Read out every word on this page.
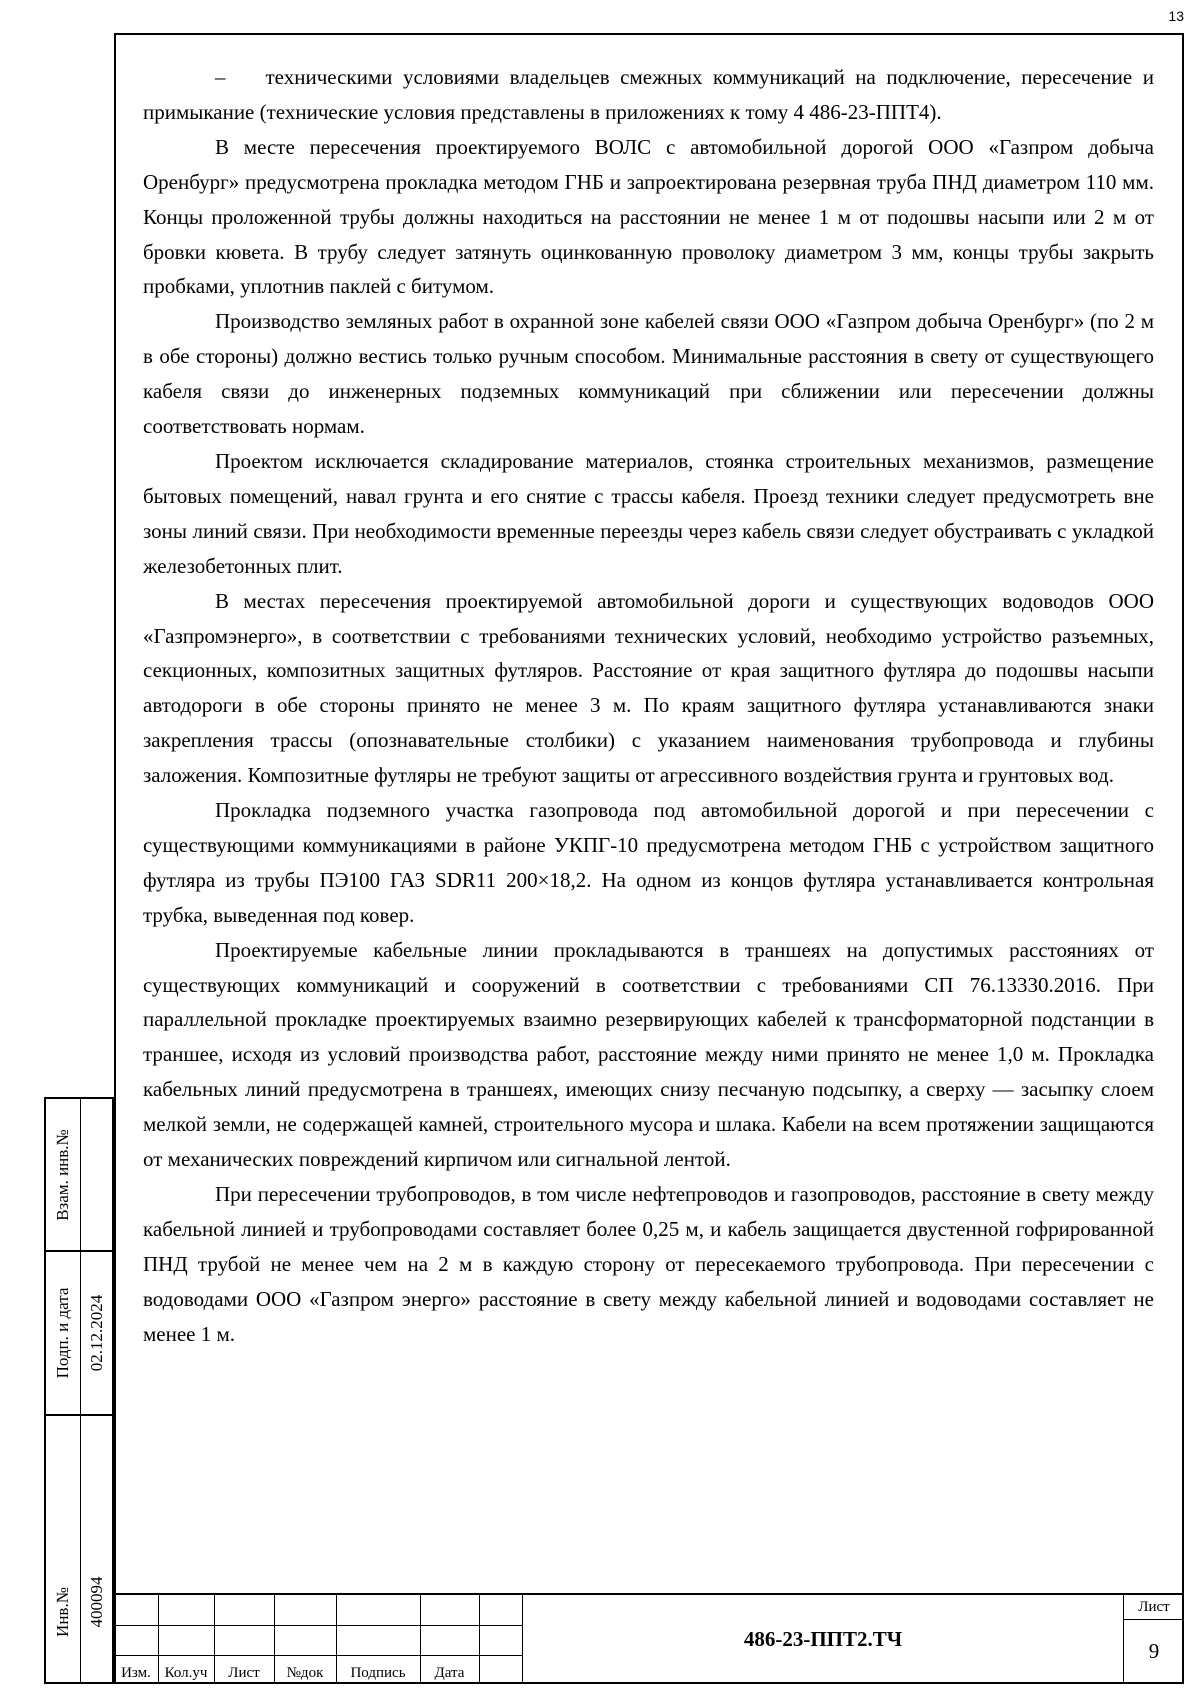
13

– техническими условиями владельцев смежных коммуникаций на подключение, пересечение и примыкание (технические условия представлены в приложениях к тому 4 486-23-ППТ4).

В месте пересечения проектируемого ВОЛС с автомобильной дорогой ООО «Газпром добыча Оренбург» предусмотрена прокладка методом ГНБ и запроектирована резервная труба ПНД диаметром 110 мм. Концы проложенной трубы должны находиться на расстоянии не менее 1 м от подошвы насыпи или 2 м от бровки кювета. В трубу следует затянуть оцинкованную проволоку диаметром 3 мм, концы трубы закрыть пробками, уплотнив паклей с битумом.

Производство земляных работ в охранной зоне кабелей связи ООО «Газпром добыча Оренбург» (по 2 м в обе стороны) должно вестись только ручным способом. Минимальные расстояния в свету от существующего кабеля связи до инженерных подземных коммуникаций при сближении или пересечении должны соответствовать нормам.

Проектом исключается складирование материалов, стоянка строительных механизмов, размещение бытовых помещений, навал грунта и его снятие с трассы кабеля. Проезд техники следует предусмотреть вне зоны линий связи. При необходимости временные переезды через кабель связи следует обустраивать с укладкой железобетонных плит.

В местах пересечения проектируемой автомобильной дороги и существующих водоводов ООО «Газпромэнерго», в соответствии с требованиями технических условий, необходимо устройство разъемных, секционных, композитных защитных футляров. Расстояние от края защитного футляра до подошвы насыпи автодороги в обе стороны принято не менее 3 м. По краям защитного футляра устанавливаются знаки закрепления трассы (опознавательные столбики) с указанием наименования трубопровода и глубины заложения. Композитные футляры не требуют защиты от агрессивного воздействия грунта и грунтовых вод.

Прокладка подземного участка газопровода под автомобильной дорогой и при пересечении с существующими коммуникациями в районе УКПГ-10 предусмотрена методом ГНБ с устройством защитного футляра из трубы ПЭ100 ГАЗ SDR11 200×18,2. На одном из концов футляра устанавливается контрольная трубка, выведенная под ковер.

Проектируемые кабельные линии прокладываются в траншеях на допустимых расстояниях от существующих коммуникаций и сооружений в соответствии с требованиями СП 76.13330.2016. При параллельной прокладке проектируемых взаимно резервирующих кабелей к трансформаторной подстанции в траншее, исходя из условий производства работ, расстояние между ними принято не менее 1,0 м. Прокладка кабельных линий предусмотрена в траншеях, имеющих снизу песчаную подсыпку, а сверху — засыпку слоем мелкой земли, не содержащей камней, строительного мусора и шлака. Кабели на всем протяжении защищаются от механических повреждений кирпичом или сигнальной лентой.

При пересечении трубопроводов, в том числе нефтепроводов и газопроводов, расстояние в свету между кабельной линией и трубопроводами составляет более 0,25 м, и кабель защищается двустенной гофрированной ПНД трубой не менее чем на 2 м в каждую сторону от пересекаемого трубопровода. При пересечении с водоводами ООО «Газпром энерго» расстояние в свету между кабельной линией и водоводами составляет не менее 1 м.

Взам. инв.№
Подп. и дата 02.12.2024
Инв.№ 400094
Изм. Кол.уч	Лист	№док	Подпись	Дата
486-23-ППТ2.ТЧ
Лист
9
